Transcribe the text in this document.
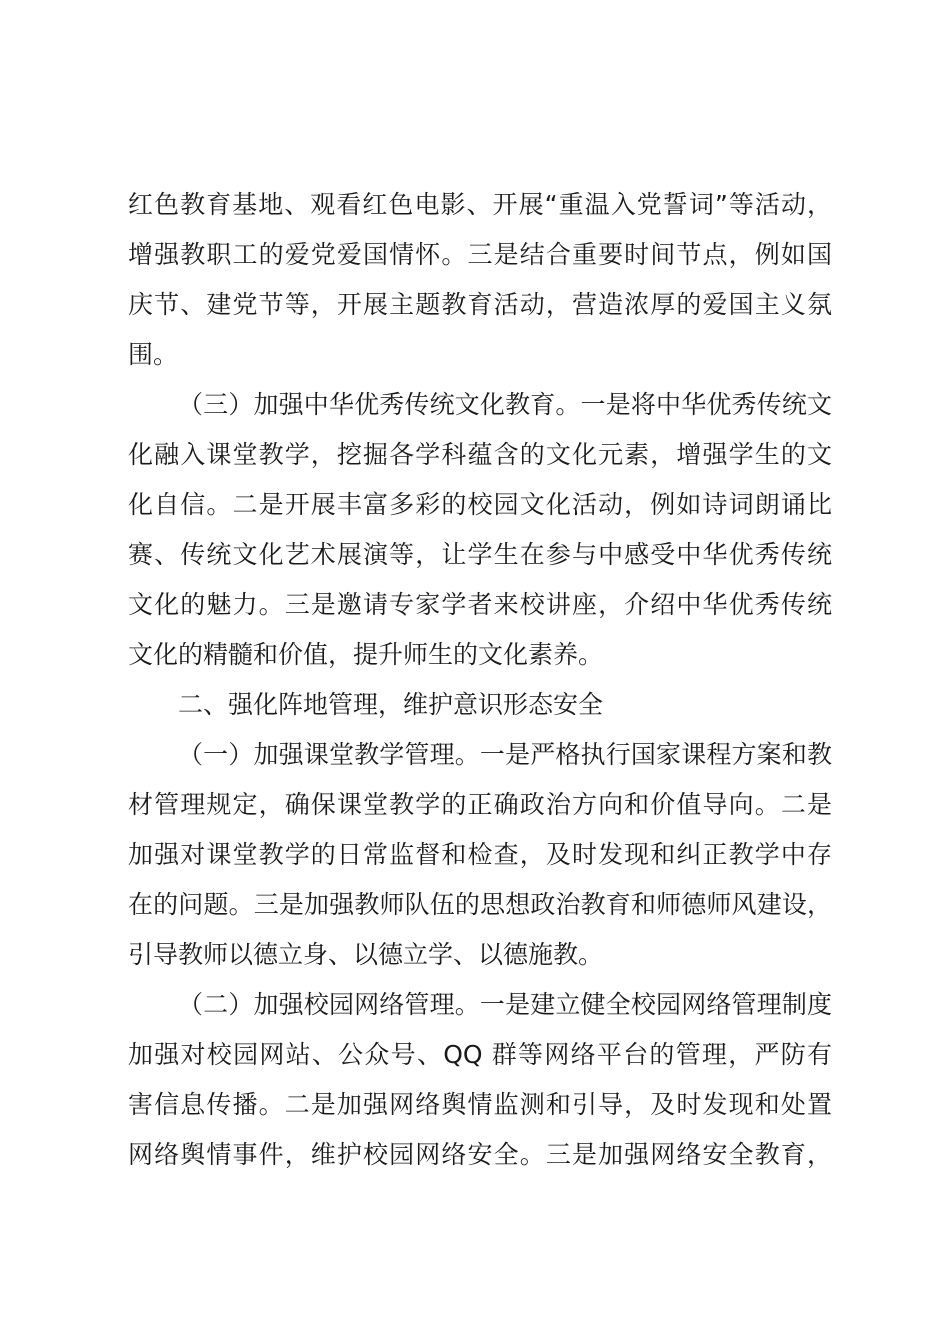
红色教育基地、观看红色电影、开展“重温入党誓词”等活动，
增强教职工的爱党爱国情怀。三是结合重要时间节点，例如国
庆节、建党节等，开展主题教育活动，营造浓厚的爱国主义氛
围。
（三）加强中华优秀传统文化教育。一是将中华优秀传统文
化融入课堂教学，挖掘各学科蕴含的文化元素，增强学生的文
化自信。二是开展丰富多彩的校园文化活动，例如诗词朗诵比
赛、传统文化艺术展演等，让学生在参与中感受中华优秀传统
文化的魅力。三是邀请专家学者来校讲座，介绍中华优秀传统
文化的精髓和价值，提升师生的文化素养。
二、强化阵地管理，维护意识形态安全
（一）加强课堂教学管理。一是严格执行国家课程方案和教
材管理规定，确保课堂教学的正确政治方向和价值导向。二是
加强对课堂教学的日常监督和检查，及时发现和纠正教学中存
在的问题。三是加强教师队伍的思想政治教育和师德师风建设，
引导教师以德立身、以德立学、以德施教。
（二）加强校园网络管理。一是建立健全校园网络管理制度
加强对校园网站、公众号、QQ 群等网络平台的管理，严防有
害信息传播。二是加强网络舆情监测和引导，及时发现和处置
网络舆情事件，维护校园网络安全。三是加强网络安全教育，
